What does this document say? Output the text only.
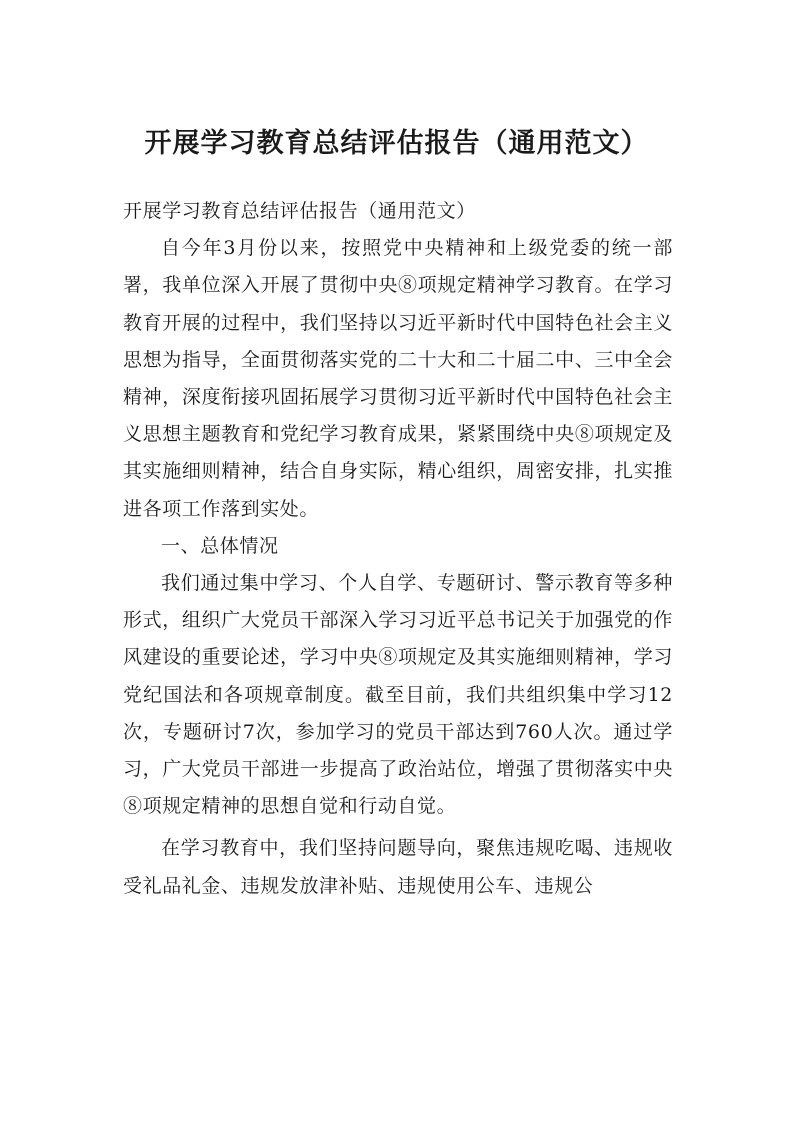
开展学习教育总结评估报告（通用范文）

开展学习教育总结评估报告（通用范文）

自今年3月份以来，按照党中央精神和上级党委的统一部署，我单位深入开展了贯彻中央⑧项规定精神学习教育。在学习教育开展的过程中，我们坚持以习近平新时代中国特色社会主义思想为指导，全面贯彻落实党的二十大和二十届二中、三中全会精神，深度衔接巩固拓展学习贯彻习近平新时代中国特色社会主义思想主题教育和党纪学习教育成果，紧紧围绕中央⑧项规定及其实施细则精神，结合自身实际，精心组织，周密安排，扎实推进各项工作落到实处。

一、总体情况

我们通过集中学习、个人自学、专题研讨、警示教育等多种形式，组织广大党员干部深入学习习近平总书记关于加强党的作风建设的重要论述，学习中央⑧项规定及其实施细则精神，学习党纪国法和各项规章制度。截至目前，我们共组织集中学习12次，专题研讨7次，参加学习的党员干部达到760人次。通过学习，广大党员干部进一步提高了政治站位，增强了贯彻落实中央⑧项规定精神的思想自觉和行动自觉。

在学习教育中，我们坚持问题导向，聚焦违规吃喝、违规收受礼品礼金、违规发放津补贴、违规使用公车、违规公
